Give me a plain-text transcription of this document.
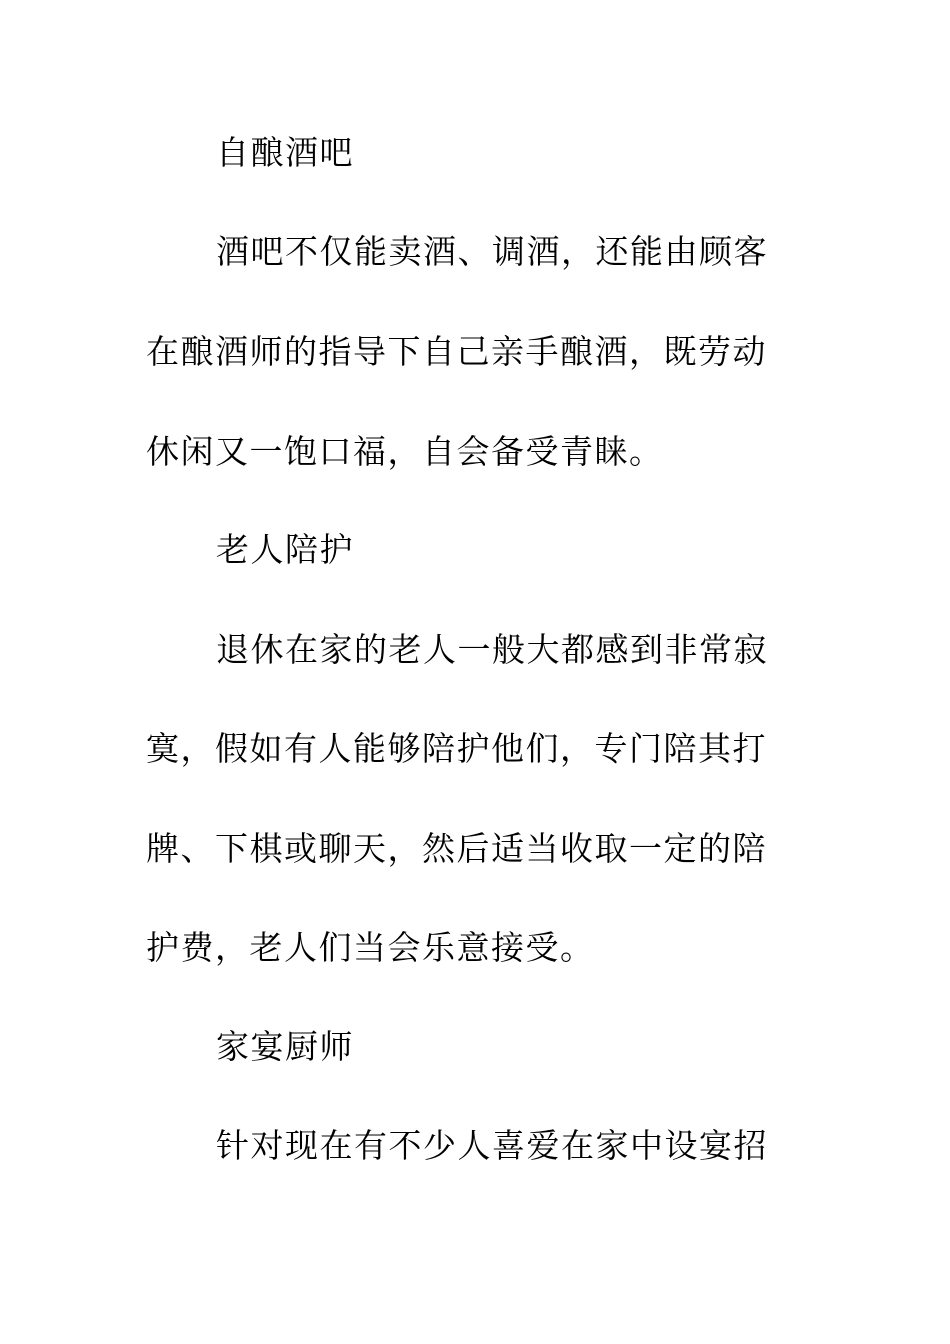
自酿酒吧
酒吧不仅能卖酒、调酒，还能由顾客
在酿酒师的指导下自己亲手酿酒，既劳动
休闲又一饱口福，自会备受青睐。
老人陪护
退休在家的老人一般大都感到非常寂
寞，假如有人能够陪护他们，专门陪其打
牌、下棋或聊天，然后适当收取一定的陪
护费，老人们当会乐意接受。
家宴厨师
针对现在有不少人喜爱在家中设宴招
